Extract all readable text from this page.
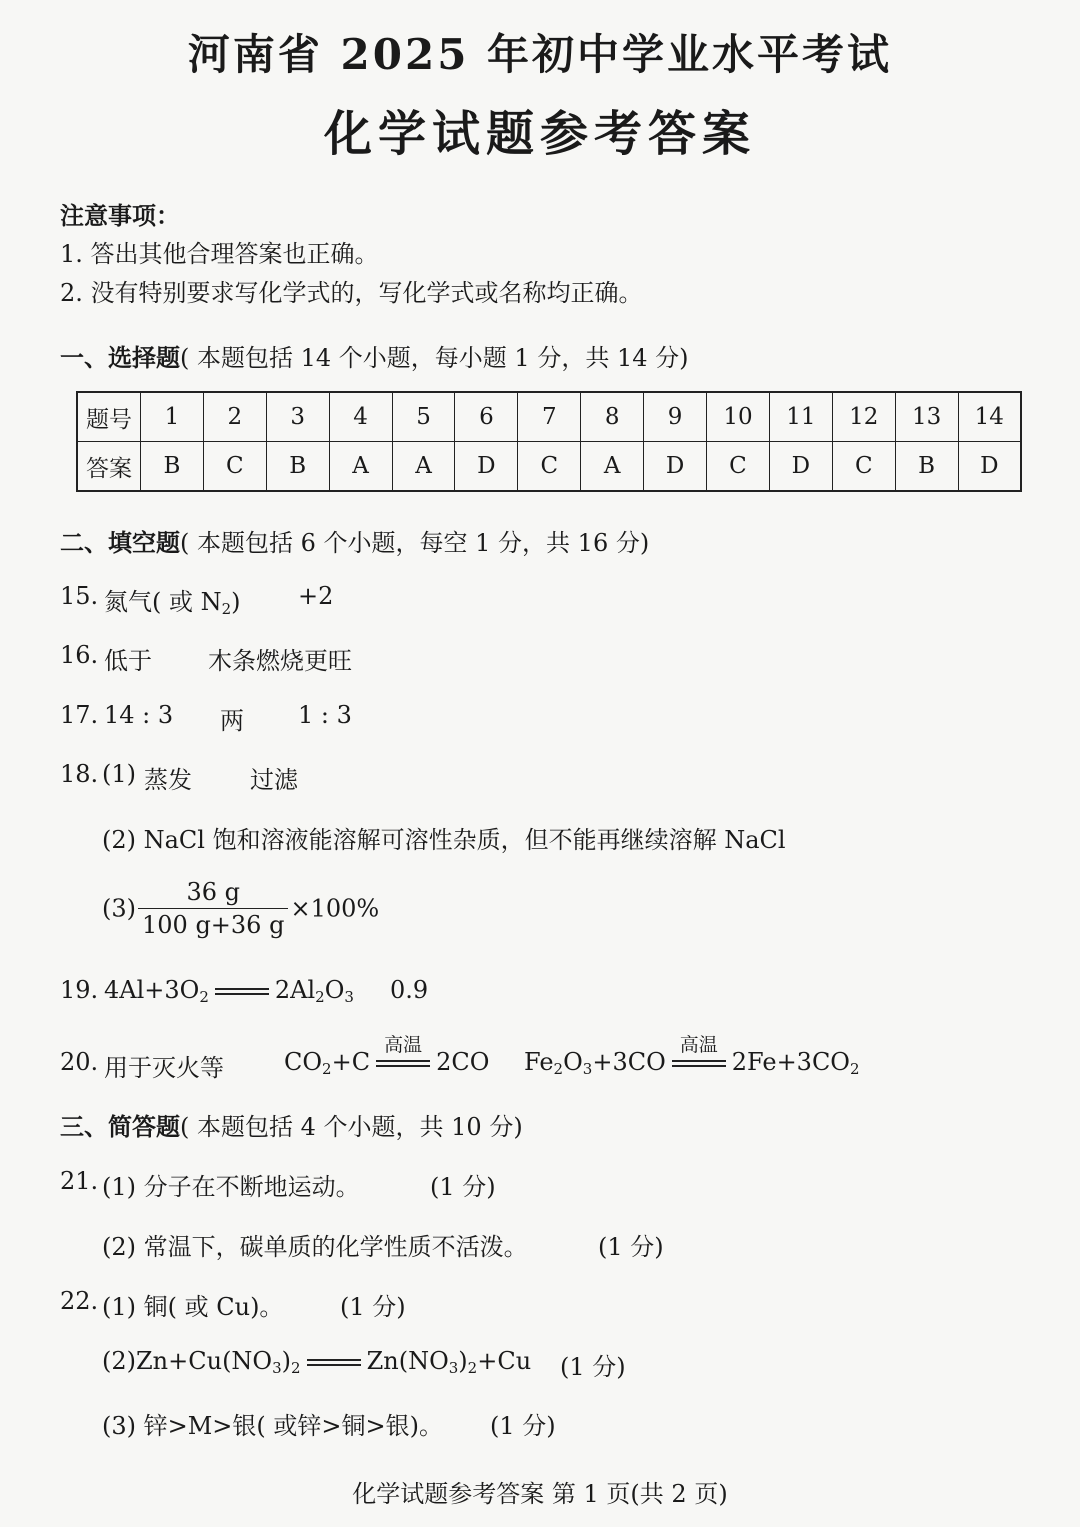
河南省 2025 年初中学业水平考试
化学试题参考答案
注意事项：
1. 答出其他合理答案也正确。
2. 没有特别要求写化学式的，写化学式或名称均正确。
一、选择题( 本题包括 14 个小题，每小题 1 分，共 14 分)
题号	1	2	3	4	5	6	7	8	9	10	11	12	13	14
答案	B	C	B	A	A	D	C	A	D	C	D	C	B	D
二、填空题( 本题包括 6 个小题，每空 1 分，共 16 分)
15. 氮气( 或 $N_2) +2$
16. 低于 木条燃烧更旺
17. 14 : 3 两 1 : 3
18. (1) 蒸发 过滤
(2) NaCl 饱和溶液能溶解可溶性杂质，但不能再继续溶解 NaCl
$(3) \frac{36 g}{100 g+36 g} \times 100\%$
19. $4Al+3O_2$	$2Al_2O_3$ 0.9
20. 用于灭火等	$CO_2+C$
高温
2CO $Fe_2O_3+3CO$
高温
$2Fe+3CO_2$
三、简答题( 本题包括 4 个小题，共 10 分)
21. (1) 分子在不断地运动。	(1 分)
(2) 常温下，碳单质的化学性质不活泼。	(1 分)
22. (1) 铜( 或 Cu)。 (1 分)
$(2)Zn+Cu(NO_3)_2$	$Zn(NO_3)_2+Cu$ (1 分)
(3) 锌>M>银( 或锌>铜>银)。 (1 分)
化学试题参考答案 第 1 页(共 2 页)
